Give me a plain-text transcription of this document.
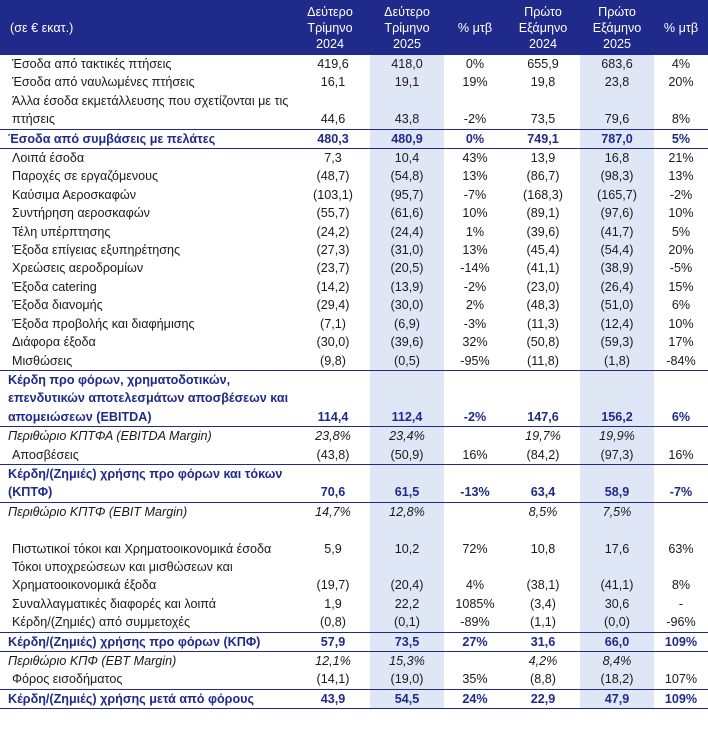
(σε € εκατ.)	Δεύτερο
Τρίμηνο
2024	Δεύτερο
Τρίμηνο
2025	% μτβ	Πρώτο
Εξάμηνο
2024	Πρώτο
Εξάμηνο
2025	% μτβ
Έσοδα από τακτικές πτήσεις	419,6	418,0	0%	655,9	683,6	4%
Έσοδα από ναυλωμένες πτήσεις	16,1	19,1	19%	19,8	23,8	20%
Άλλα έσοδα εκμετάλλευσης που σχετίζονται με τις πτήσεις	44,6	43,8	-2%	73,5	79,6	8%
Έσοδα από συμβάσεις με πελάτες	480,3	480,9	0%	749,1	787,0	5%
Λοιπά έσοδα	7,3	10,4	43%	13,9	16,8	21%
Παροχές σε εργαζόμενους	(48,7)	(54,8)	13%	(86,7)	(98,3)	13%
Καύσιμα Αεροσκαφών	(103,1)	(95,7)	-7%	(168,3)	(165,7)	-2%
Συντήρηση αεροσκαφών	(55,7)	(61,6)	10%	(89,1)	(97,6)	10%
Τέλη υπέρπτησης	(24,2)	(24,4)	1%	(39,6)	(41,7)	5%
Έξοδα επίγειας εξυπηρέτησης	(27,3)	(31,0)	13%	(45,4)	(54,4)	20%
Χρεώσεις αεροδρομίων	(23,7)	(20,5)	-14%	(41,1)	(38,9)	-5%
Έξοδα catering	(14,2)	(13,9)	-2%	(23,0)	(26,4)	15%
Έξοδα διανομής	(29,4)	(30,0)	2%	(48,3)	(51,0)	6%
Έξοδα προβολής και διαφήμισης	(7,1)	(6,9)	-3%	(11,3)	(12,4)	10%
Διάφορα έξοδα	(30,0)	(39,6)	32%	(50,8)	(59,3)	17%
Μισθώσεις	(9,8)	(0,5)	-95%	(11,8)	(1,8)	-84%
Κέρδη προ φόρων, χρηματοδοτικών, επενδυτικών αποτελεσμάτων αποσβέσεων και απομειώσεων (EBITDA)	114,4	112,4	-2%	147,6	156,2	6%
Περιθώριο ΚΠΤΦΑ (EBITDA Margin)	23,8%	23,4%		19,7%	19,9%	
Αποσβέσεις	(43,8)	(50,9)	16%	(84,2)	(97,3)	16%
Κέρδη/(Ζημιές) χρήσης προ φόρων και τόκων (ΚΠΤΦ)	70,6	61,5	-13%	63,4	58,9	-7%
Περιθώριο ΚΠΤΦ (EBIT Margin)	14,7%	12,8%		8,5%	7,5%	
Πιστωτικοί τόκοι και Χρηματοοικονομικά έσοδα	5,9	10,2	72%	10,8	17,6	63%
Τόκοι υποχρεώσεων και μισθώσεων και Χρηματοοικονομικά έξοδα	(19,7)	(20,4)	4%	(38,1)	(41,1)	8%
Συναλλαγματικές διαφορές και λοιπά	1,9	22,2	1085%	(3,4)	30,6	-
Κέρδη/(Ζημιές) από συμμετοχές	(0,8)	(0,1)	-89%	(1,1)	(0,0)	-96%
Κέρδη/(Ζημιές) χρήσης προ φόρων (ΚΠΦ)	57,9	73,5	27%	31,6	66,0	109%
Περιθώριο ΚΠΦ (EBT Margin)	12,1%	15,3%		4,2%	8,4%	
Φόρος εισοδήματος	(14,1)	(19,0)	35%	(8,8)	(18,2)	107%
Κέρδη/(Ζημιές) χρήσης μετά από φόρους	43,9	54,5	24%	22,9	47,9	109%
